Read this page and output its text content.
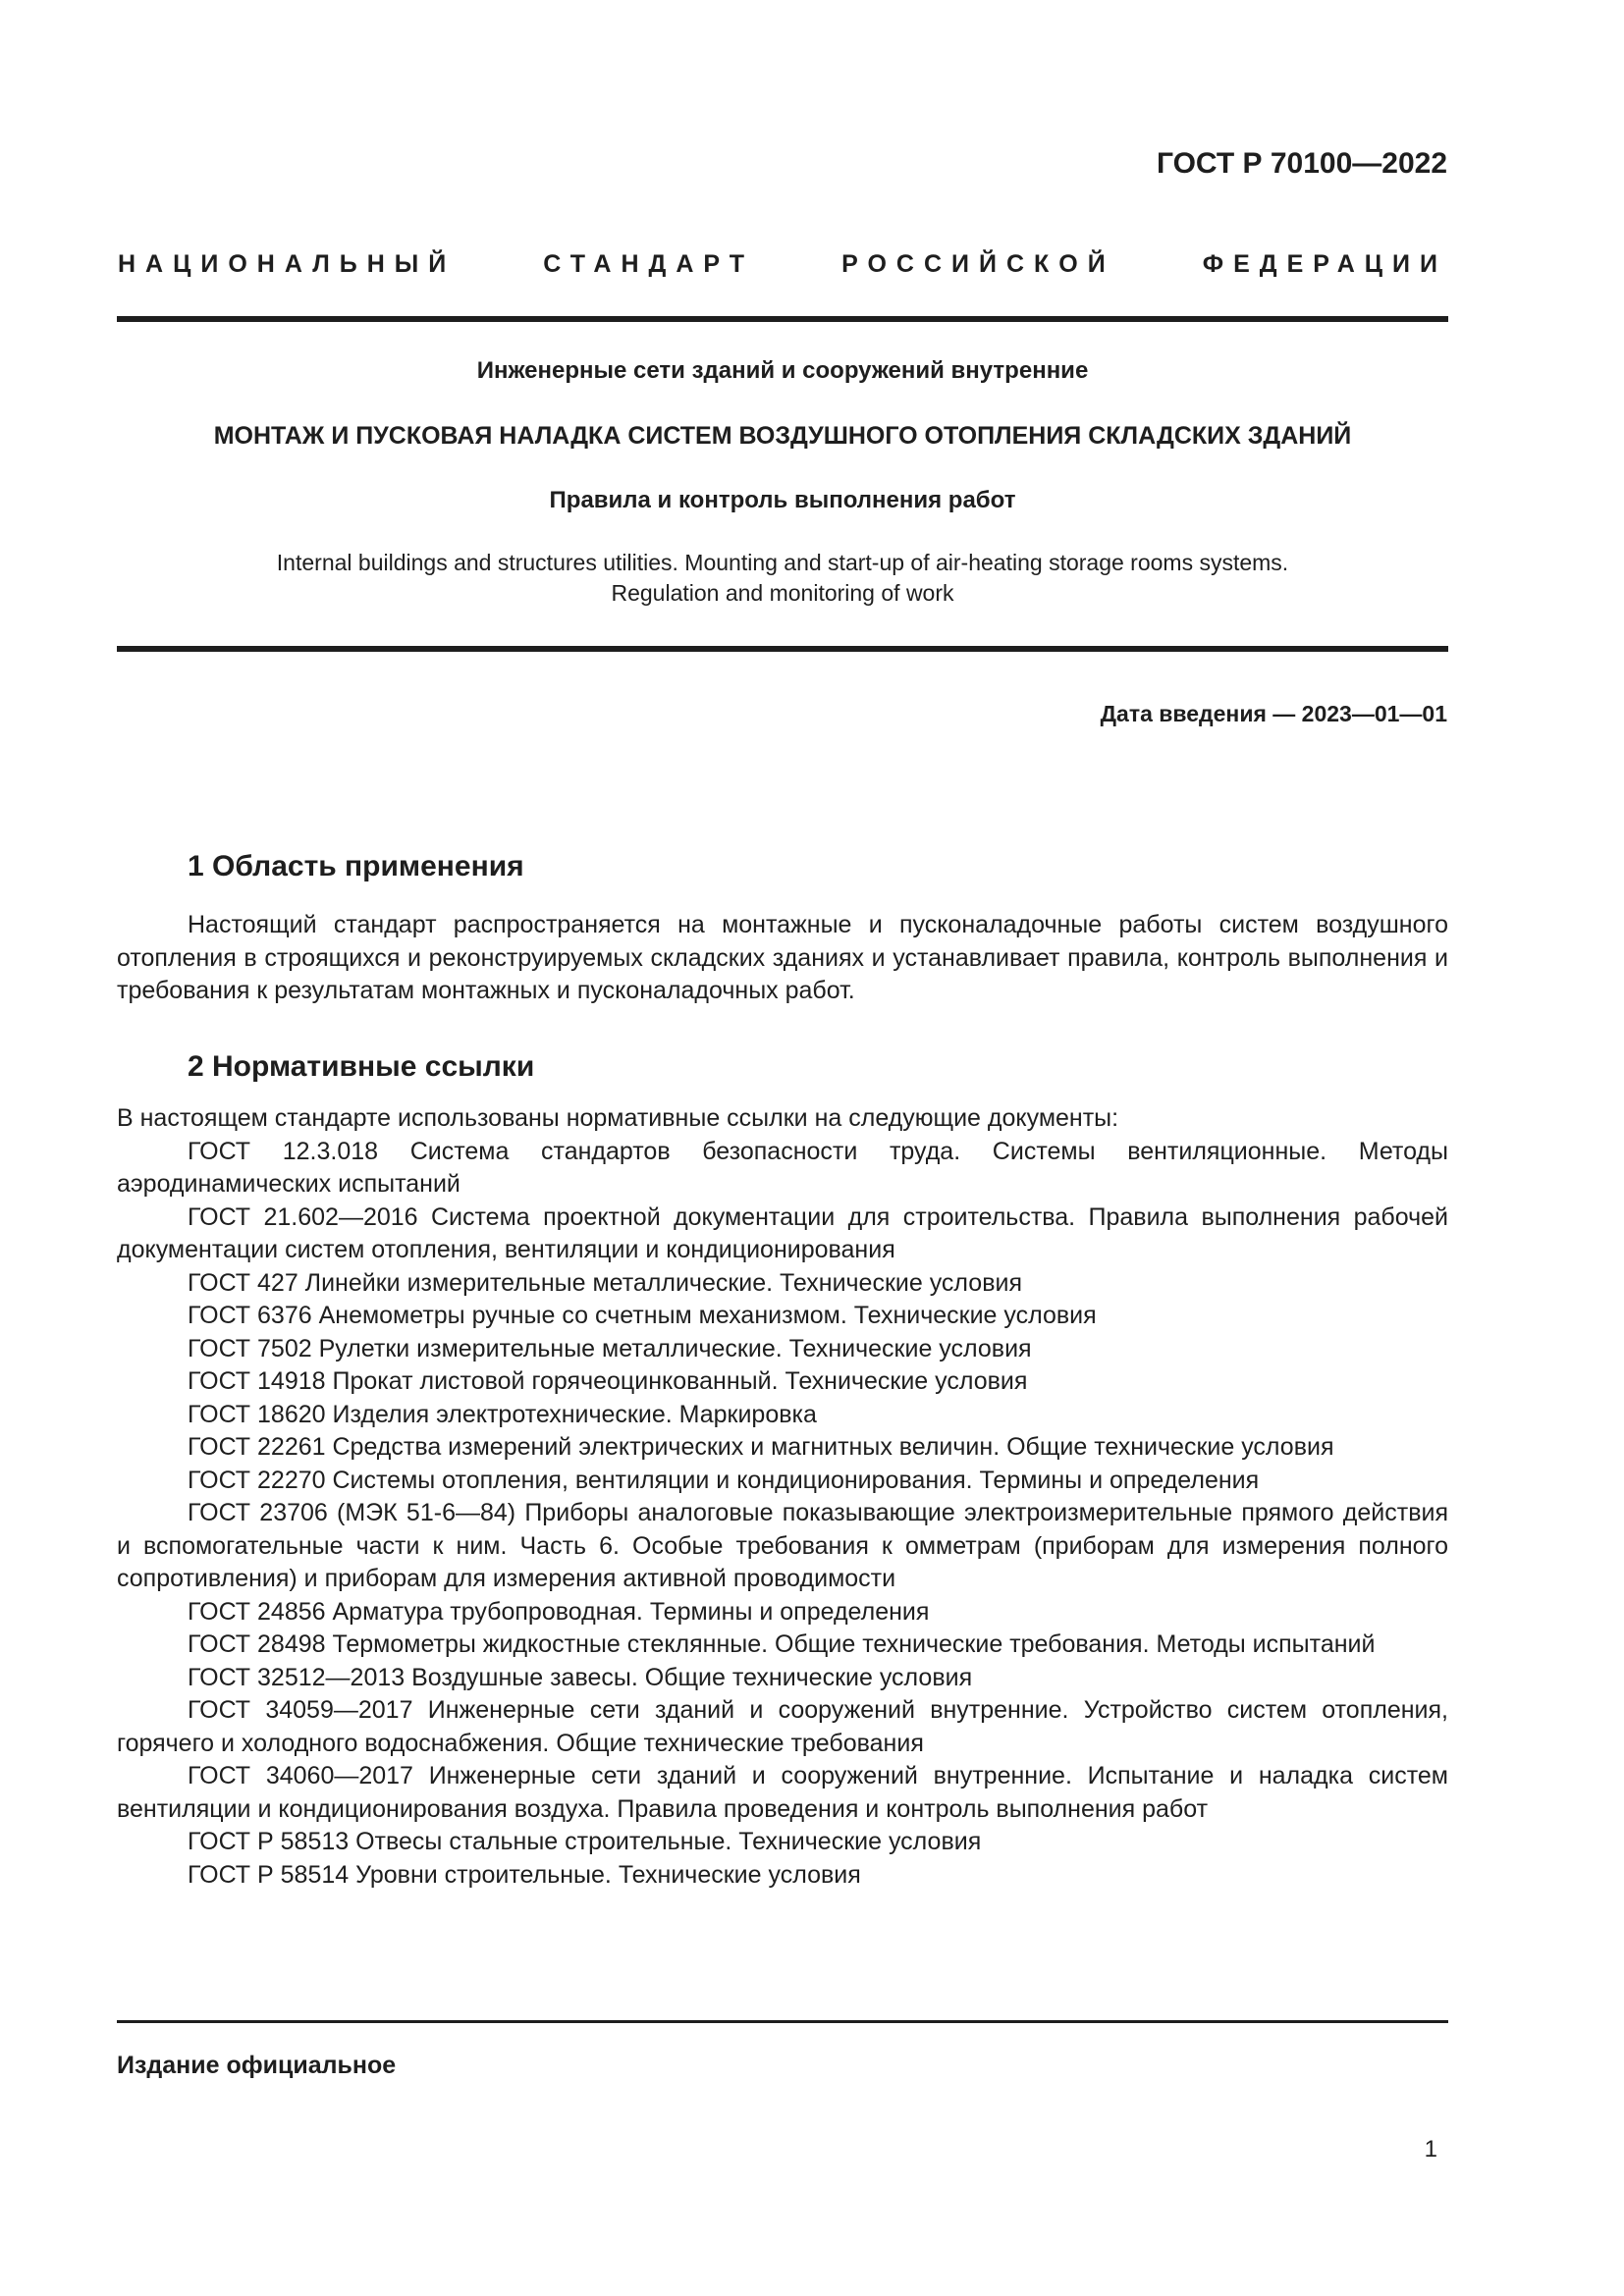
ГОСТ Р 70100—2022
НАЦИОНАЛЬНЫЙ СТАНДАРТ РОССИЙСКОЙ ФЕДЕРАЦИИ
Инженерные сети зданий и сооружений внутренние
МОНТАЖ И ПУСКОВАЯ НАЛАДКА СИСТЕМ ВОЗДУШНОГО ОТОПЛЕНИЯ СКЛАДСКИХ ЗДАНИЙ
Правила и контроль выполнения работ
Internal buildings and structures utilities. Mounting and start-up of air-heating storage rooms systems.
Regulation and monitoring of work
Дата введения — 2023—01—01
1 Область применения

Настоящий стандарт распространяется на монтажные и пусконаладочные работы систем воздушного отопления в строящихся и реконструируемых складских зданиях и устанавливает правила, контроль выполнения и требования к результатам монтажных и пусконаладочных работ.

2 Нормативные ссылки

В настоящем стандарте использованы нормативные ссылки на следующие документы:

ГОСТ 12.3.018 Система стандартов безопасности труда. Системы вентиляционные. Методы аэродинамических испытаний

ГОСТ 21.602—2016 Система проектной документации для строительства. Правила выполнения рабочей документации систем отопления, вентиляции и кондиционирования

ГОСТ 427 Линейки измерительные металлические. Технические условия

ГОСТ 6376 Анемометры ручные со счетным механизмом. Технические условия

ГОСТ 7502 Рулетки измерительные металлические. Технические условия

ГОСТ 14918 Прокат листовой горячеоцинкованный. Технические условия

ГОСТ 18620 Изделия электротехнические. Маркировка

ГОСТ 22261 Средства измерений электрических и магнитных величин. Общие технические условия

ГОСТ 22270 Системы отопления, вентиляции и кондиционирования. Термины и определения

ГОСТ 23706 (МЭК 51-6—84) Приборы аналоговые показывающие электроизмерительные прямого действия и вспомогательные части к ним. Часть 6. Особые требования к омметрам (приборам для измерения полного сопротивления) и приборам для измерения активной проводимости

ГОСТ 24856 Арматура трубопроводная. Термины и определения

ГОСТ 28498 Термометры жидкостные стеклянные. Общие технические требования. Методы испытаний

ГОСТ 32512—2013 Воздушные завесы. Общие технические условия

ГОСТ 34059—2017 Инженерные сети зданий и сооружений внутренние. Устройство систем отопления, горячего и холодного водоснабжения. Общие технические требования

ГОСТ 34060—2017 Инженерные сети зданий и сооружений внутренние. Испытание и наладка систем вентиляции и кондиционирования воздуха. Правила проведения и контроль выполнения работ

ГОСТ Р 58513 Отвесы стальные строительные. Технические условия

ГОСТ Р 58514 Уровни строительные. Технические условия

Издание официальное
1
